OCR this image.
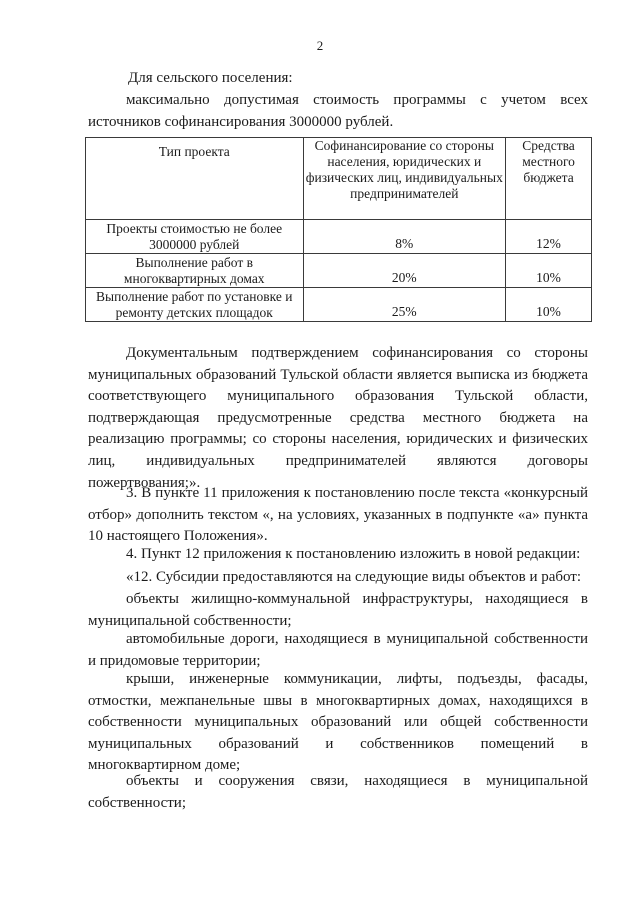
2
Для сельского поселения:

максимально допустимая стоимость программы с учетом всех источников софинансирования 3000000 рублей.

Тип проекта	Софинансирование со стороны населения, юридических и физических лиц, индивидуальных предпринимателей	Средства местного бюджета
Проекты стоимостью не более 3000000 рублей	8%	12%
Выполнение работ в многоквартирных домах	20%	10%
Выполнение работ по установке и ремонту детских площадок	25%	10%

Документальным подтверждением софинансирования со стороны муниципальных образований Тульской области является выписка из бюджета соответствующего муниципального образования Тульской области, подтверждающая предусмотренные средства местного бюджета на реализацию программы; со стороны населения, юридических и физических лиц, индивидуальных предпринимателей являются договоры пожертвования;».

3. В пункте 11 приложения к постановлению после текста «конкурсный отбор» дополнить текстом «, на условиях, указанных в подпункте «а» пункта 10 настоящего Положения».

4. Пункт 12 приложения к постановлению изложить в новой редакции:

«12. Субсидии предоставляются на следующие виды объектов и работ:

объекты жилищно-коммунальной инфраструктуры, находящиеся в муниципальной собственности;

автомобильные дороги, находящиеся в муниципальной собственности и придомовые территории;

крыши, инженерные коммуникации, лифты, подъезды, фасады, отмостки, межпанельные швы в многоквартирных домах, находящихся в собственности муниципальных образований или общей собственности муниципальных образований и собственников помещений в многоквартирном доме;

объекты и сооружения связи, находящиеся в муниципальной собственности;
